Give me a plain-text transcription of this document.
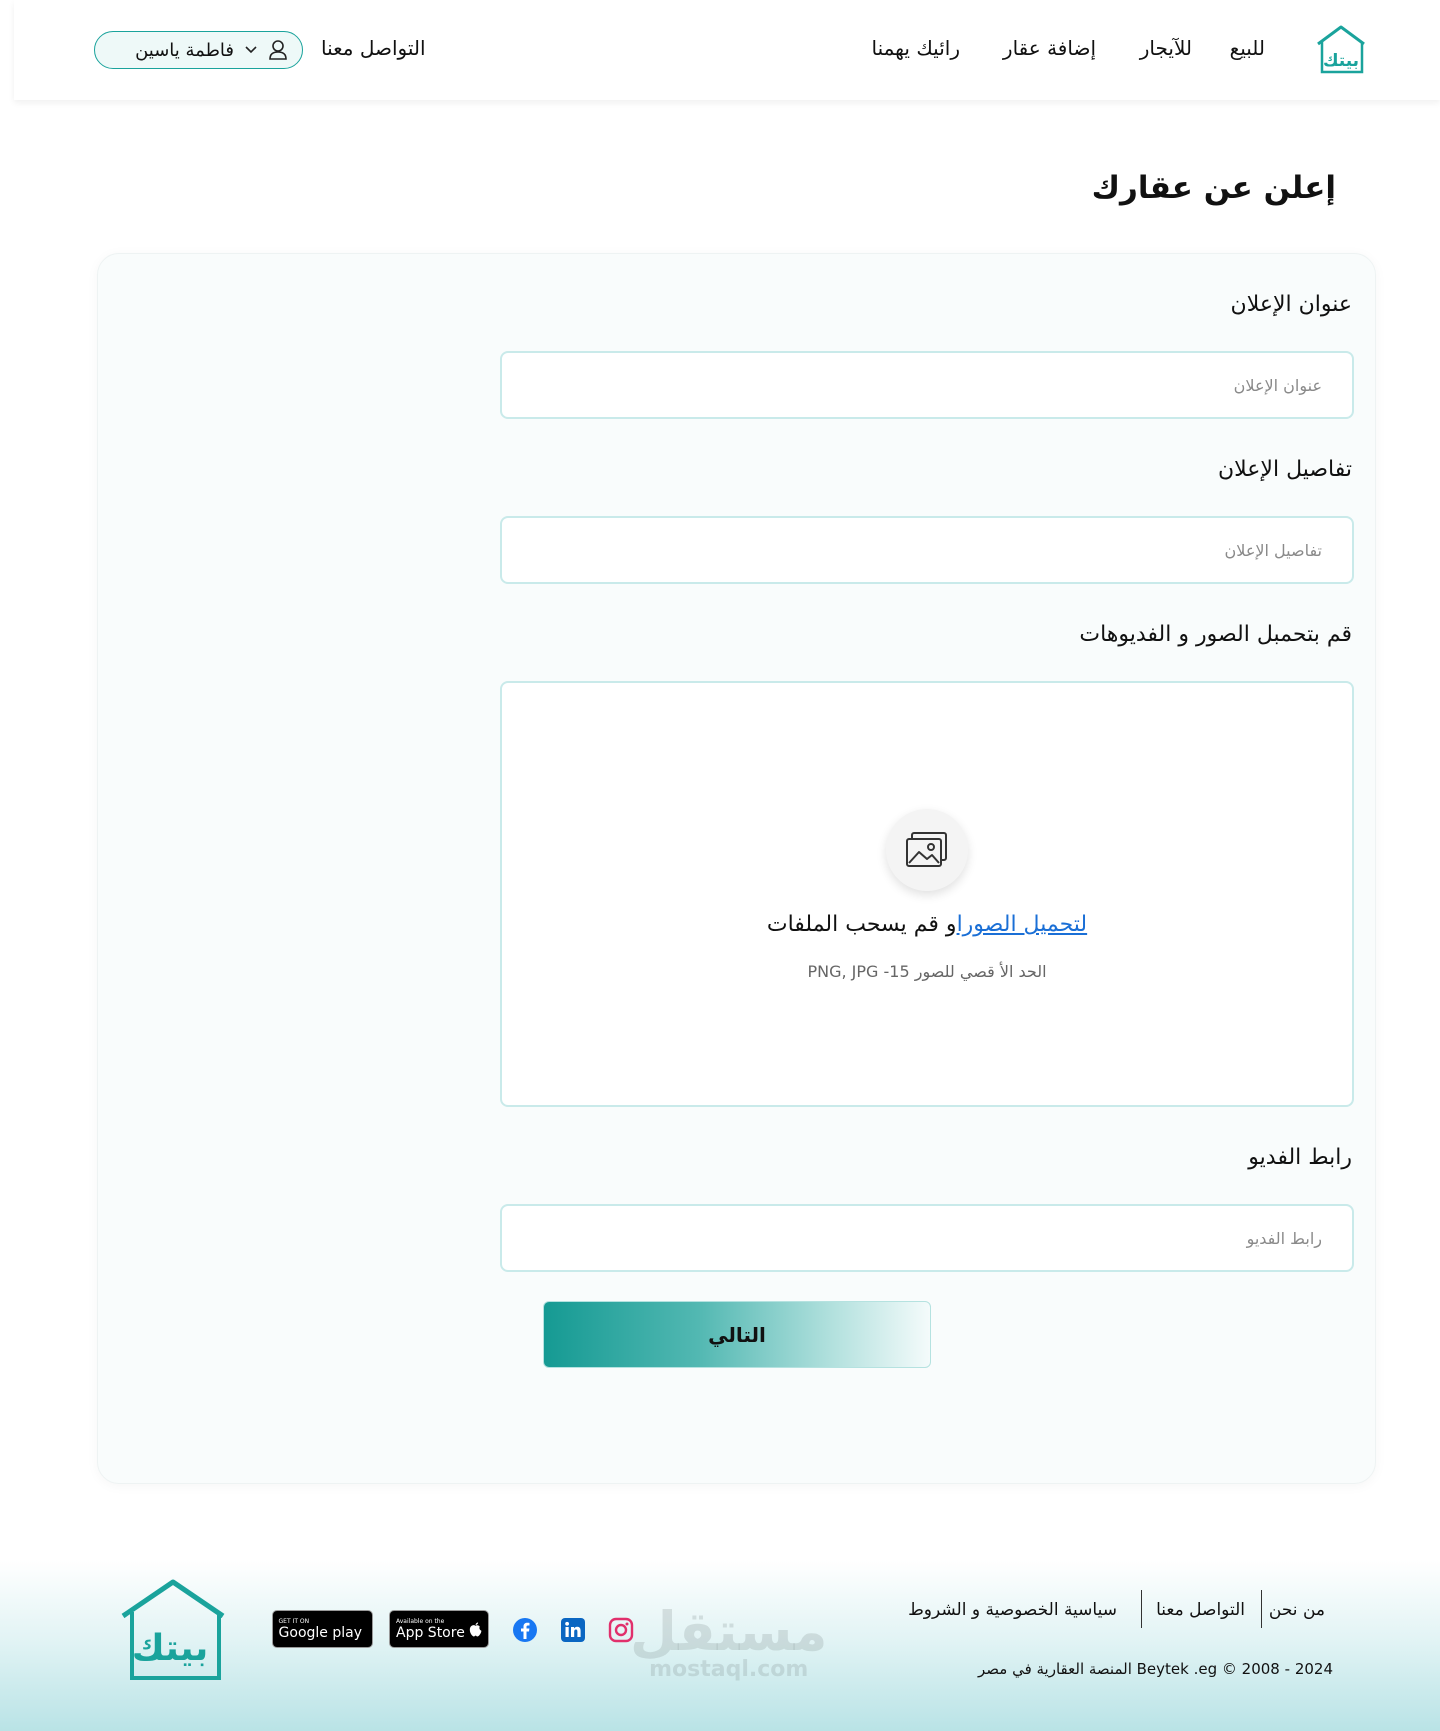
بيتك
للبيع
للآيجار
إضافة عقار
رائيك يهمنا
التواصل معنا
فاطمة ياسين
إعلن عن عقارك
عنوان الإعلان
عنوان الإعلان
تفاصيل الإعلان
تفاصيل الإعلان
قم بتحمبل الصور و الفديوهات
لتحميل الصوراو قم يسحب الملفات
الحد الأ قصي للصور 15- PNG, JPG
رابط الفديو
رابط الفديو
التالي
بيتك
GET IT ON
Google play
Available on the
App Store	مستقل
mostaql.com
من نحن
التواصل معنا
سياسية الخصوصية و الشروط
2024 - 2008 © Beytek .eg المنصة العقارية في مصر
